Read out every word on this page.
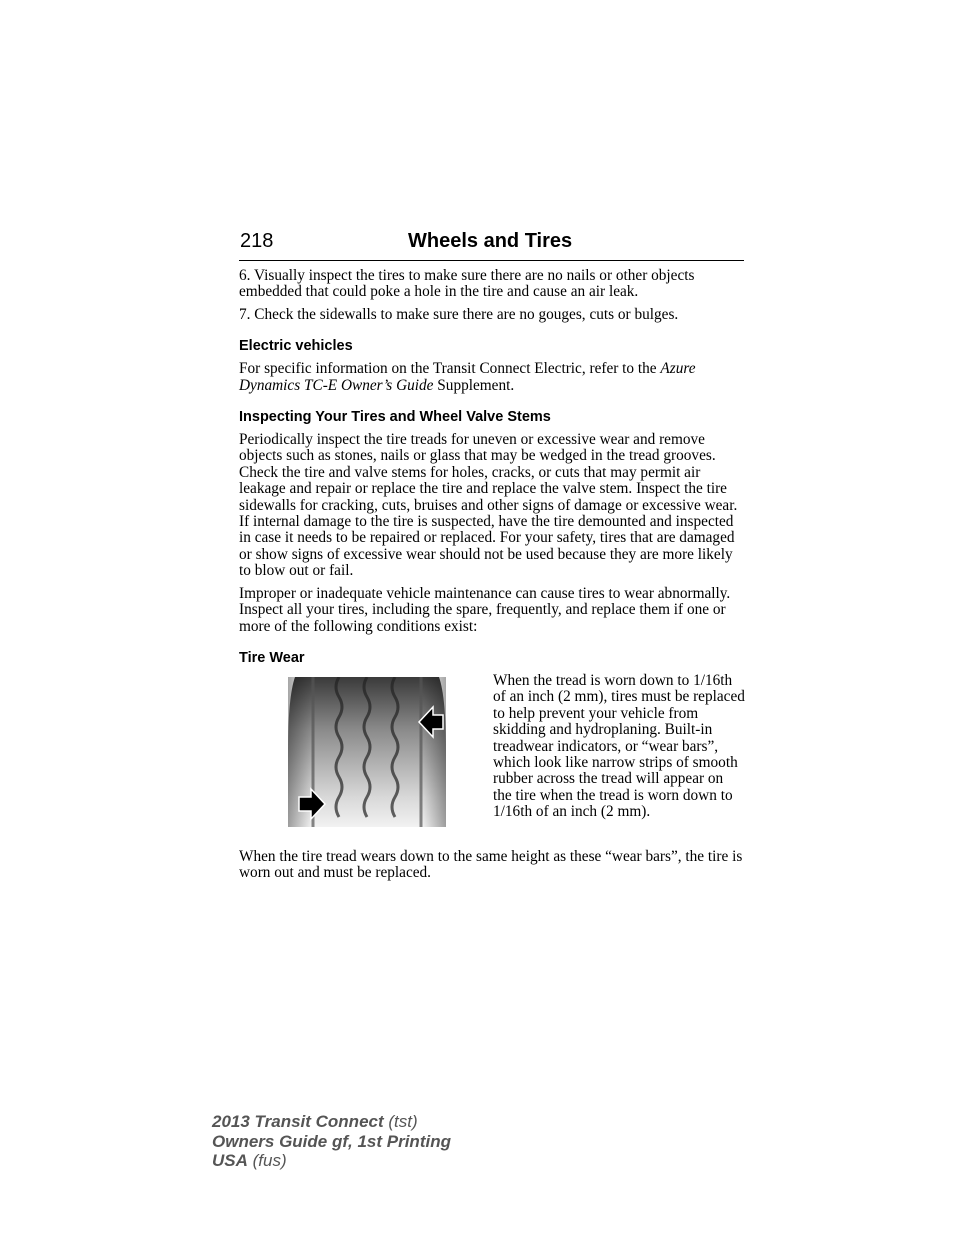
218	Wheels and Tires

6. Visually inspect the tires to make sure there are no nails or other objects embedded that could poke a hole in the tire and cause an air leak.

7. Check the sidewalls to make sure there are no gouges, cuts or bulges.

Electric vehicles

For specific information on the Transit Connect Electric, refer to the Azure Dynamics TC-E Owner’s Guide Supplement.

Inspecting Your Tires and Wheel Valve Stems

Periodically inspect the tire treads for uneven or excessive wear and remove objects such as stones, nails or glass that may be wedged in the tread grooves. Check the tire and valve stems for holes, cracks, or cuts that may permit air leakage and repair or replace the tire and replace the valve stem. Inspect the tire sidewalls for cracking, cuts, bruises and other signs of damage or excessive wear. If internal damage to the tire is suspected, have the tire demounted and inspected in case it needs to be repaired or replaced. For your safety, tires that are damaged or show signs of excessive wear should not be used because they are more likely to blow out or fail.

Improper or inadequate vehicle maintenance can cause tires to wear abnormally. Inspect all your tires, including the spare, frequently, and replace them if one or more of the following conditions exist:

Tire Wear
When the tread is worn down to 1/16th of an inch (2 mm), tires must be replaced to help prevent your vehicle from skidding and hydroplaning. Built-in treadwear indicators, or “wear bars”, which look like narrow strips of smooth rubber across the tread will appear on the tire when the tread is worn down to 1/16th of an inch (2 mm).

When the tire tread wears down to the same height as these “wear bars”, the tire is worn out and must be replaced.

2013 Transit Connect (tst)
Owners Guide gf, 1st Printing
USA (fus)
